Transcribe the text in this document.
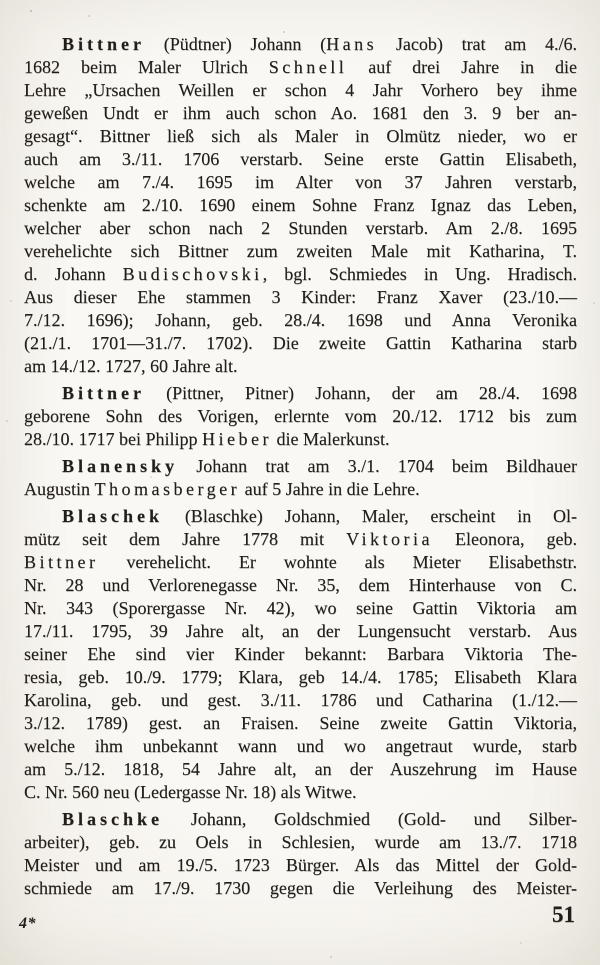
Bittner (Püdtner) Johann (Hans Jacob) trat am 4./6.
1682 beim Maler Ulrich Schnell auf drei Jahre in die
Lehre „Ursachen Weillen er schon 4 Jahr Vorhero bey ihme
geweßen Undt er ihm auch schon Ao. 1681 den 3. 9 ber an-
gesagt“. Bittner ließ sich als Maler in Olmütz nieder, wo er
auch am 3./11. 1706 verstarb. Seine erste Gattin Elisabeth,
welche am 7./4. 1695 im Alter von 37 Jahren verstarb,
schenkte am 2./10. 1690 einem Sohne Franz Ignaz das Leben,
welcher aber schon nach 2 Stunden verstarb. Am 2./8. 1695
verehelichte sich Bittner zum zweiten Male mit Katharina, T.
d. Johann Budischovski, bgl. Schmiedes in Ung. Hradisch.
Aus dieser Ehe stammen 3 Kinder: Franz Xaver (23./10.—
7./12. 1696); Johann, geb. 28./4. 1698 und Anna Veronika
(21./1. 1701—31./7. 1702). Die zweite Gattin Katharina starb
am 14./12. 1727, 60 Jahre alt.
Bittner (Pittner, Pitner) Johann, der am 28./4. 1698
geborene Sohn des Vorigen, erlernte vom 20./12. 1712 bis zum
28./10. 1717 bei Philipp Hieber die Malerkunst.
Blanensky Johann trat am 3./1. 1704 beim Bildhauer
Augustin Thomasberger auf 5 Jahre in die Lehre.
Blaschek (Blaschke) Johann, Maler, erscheint in Ol-
mütz seit dem Jahre 1778 mit Viktoria Eleonora, geb.
Bittner verehelicht. Er wohnte als Mieter Elisabethstr.
Nr. 28 und Verlorenegasse Nr. 35, dem Hinterhause von C.
Nr. 343 (Sporergasse Nr. 42), wo seine Gattin Viktoria am
17./11. 1795, 39 Jahre alt, an der Lungensucht verstarb. Aus
seiner Ehe sind vier Kinder bekannt: Barbara Viktoria The-
resia, geb. 10./9. 1779; Klara, geb 14./4. 1785; Elisabeth Klara
Karolina, geb. und gest. 3./11. 1786 und Catharina (1./12.—
3./12. 1789) gest. an Fraisen. Seine zweite Gattin Viktoria,
welche ihm unbekannt wann und wo angetraut wurde, starb
am 5./12. 1818, 54 Jahre alt, an der Auszehrung im Hause
C. Nr. 560 neu (Ledergasse Nr. 18) als Witwe.
Blaschke Johann, Goldschmied (Gold- und Silber-
arbeiter), geb. zu Oels in Schlesien, wurde am 13./7. 1718
Meister und am 19./5. 1723 Bürger. Als das Mittel der Gold-
schmiede am 17./9. 1730 gegen die Verleihung des Meister-
4*	51
